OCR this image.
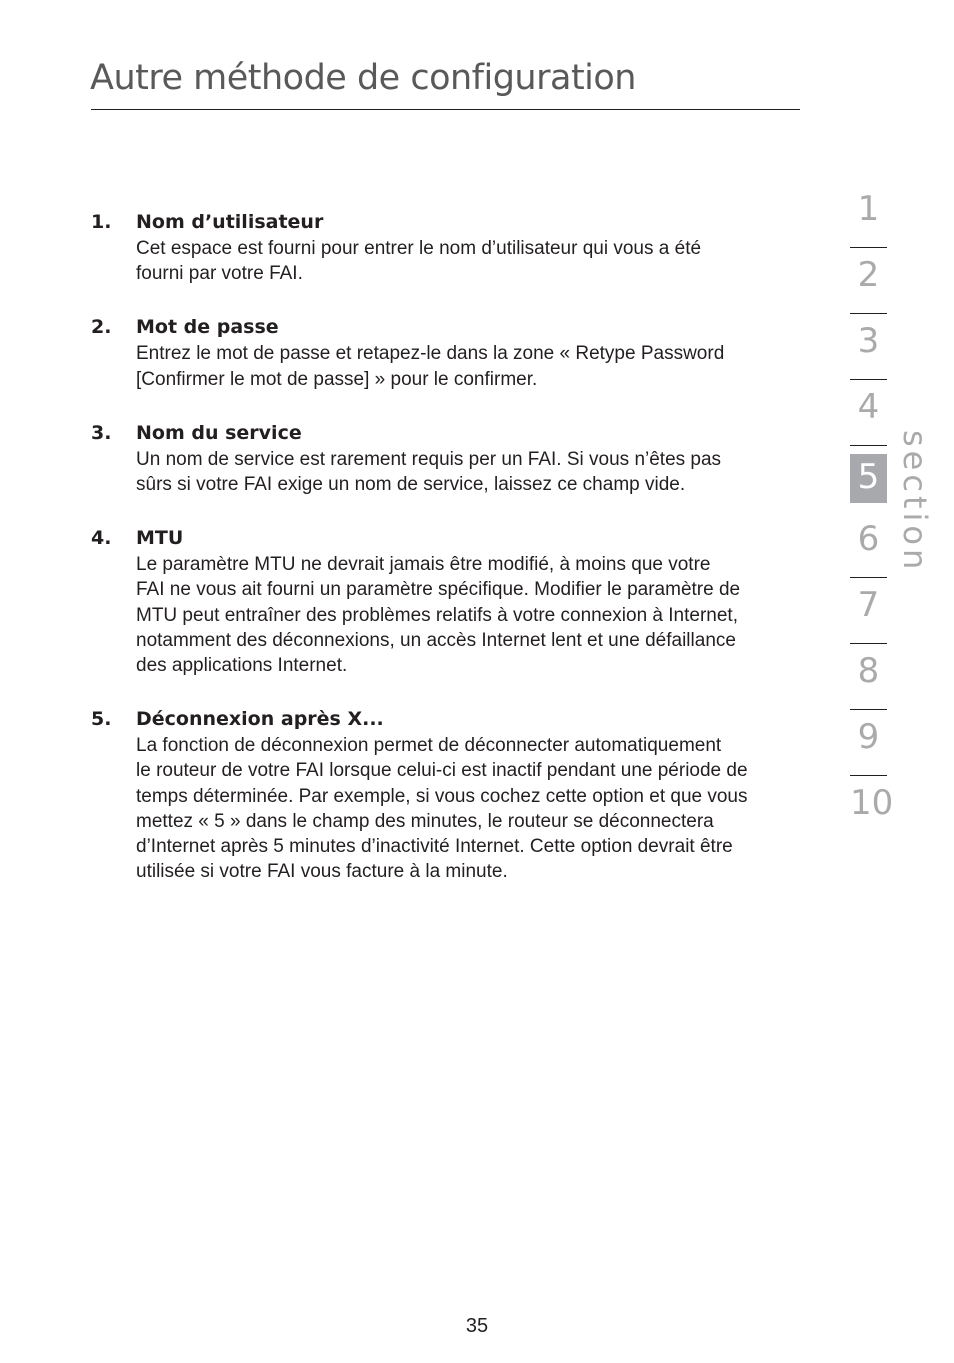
Autre méthode de configuration
1. Nom d’utilisateur

Cet espace est fourni pour entrer le nom d’utilisateur qui vous a été
fourni par votre FAI.

2. Mot de passe

Entrez le mot de passe et retapez-le dans la zone « Retype Password
[Confirmer le mot de passe] » pour le confirmer.

3. Nom du service

Un nom de service est rarement requis per un FAI. Si vous n’êtes pas
sûrs si votre FAI exige un nom de service, laissez ce champ vide.

4. MTU

Le paramètre MTU ne devrait jamais être modifié, à moins que votre
FAI ne vous ait fourni un paramètre spécifique. Modifier le paramètre de
MTU peut entraîner des problèmes relatifs à votre connexion à Internet,
notamment des déconnexions, un accès Internet lent et une défaillance
des applications Internet.

5. Déconnexion après X...

La fonction de déconnexion permet de déconnecter automatiquement
le routeur de votre FAI lorsque celui-ci est inactif pendant une période de
temps déterminée. Par exemple, si vous cochez cette option et que vous
mettez « 5 » dans le champ des minutes, le routeur se déconnectera
d’Internet après 5 minutes d’inactivité Internet. Cette option devrait être
utilisée si votre FAI vous facture à la minute.

1
2
3
4
5
6
7
8
9
10
section
35
